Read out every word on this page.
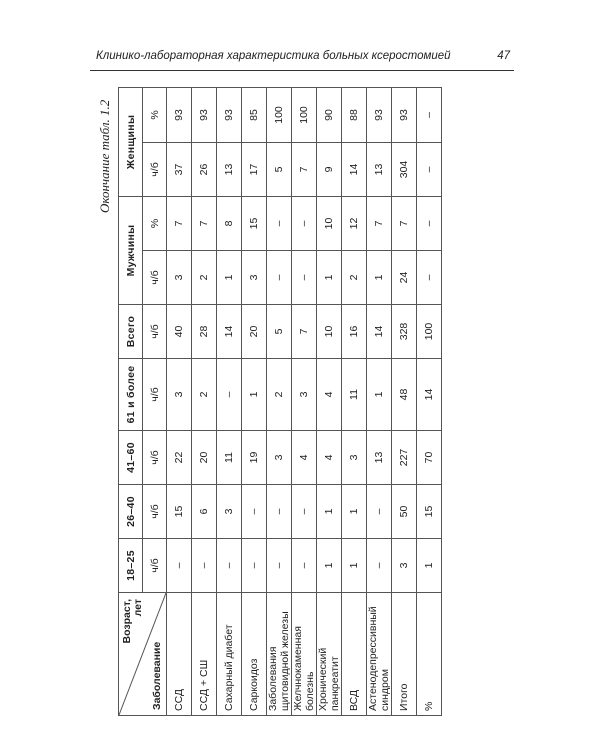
Клинико-лабораторная характеристика больных ксеростомией	47
Окончание табл. 1.2
Возраст,
лет
Заболевание	18–25	26–40	41–60	61 и более	Всего	Мужчины		Женщины	
	ч/б	ч/б	ч/б	ч/б	ч/б	ч/б	%	ч/б	%
ССД	–	15	22	3	40	3	7	37	93
ССД + СШ	–	6	20	2	28	2	7	26	93
Сахарный диабет	–	3	11	–	14	1	8	13	93
Саркоидоз	–	–	19	1	20	3	15	17	85
Заболевания щитовидной железы	–	–	3	2	5	–	–	5	100
Желчнокаменная болезнь	–	–	4	3	7	–	–	7	100
Хронический панкреатит	1	1	4	4	10	1	10	9	90
ВСД	1	1	3	11	16	2	12	14	88
Астенодепрессивный синдром	–	–	13	1	14	1	7	13	93
Итого	3	50	227	48	328	24	7	304	93
%	1	15	70	14	100	–	–	–	–
